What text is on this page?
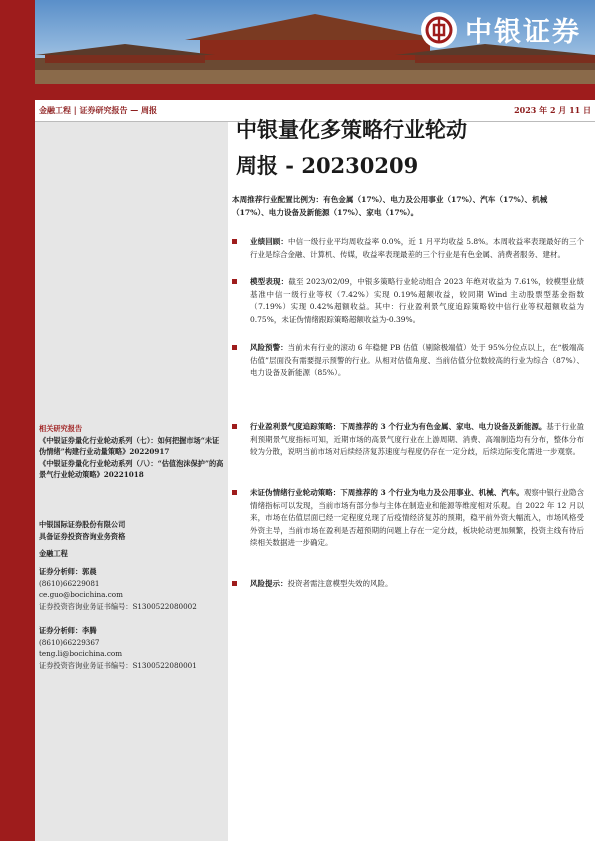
中银证券
金融工程 | 证券研究报告 — 周报	2023 年 2 月 11 日
相关研究报告
《中银证券量化行业轮动系列（七）：如何把握市场“未证伪情绪”构建行业动量策略》20220917
《中银证券量化行业轮动系列（八）：“估值泡沫保护”的高景气行业轮动策略》20221018
中银国际证券股份有限公司
具备证券投资咨询业务资格
金融工程
证券分析师：郭晨
(8610)66229081
ce.guo@bocichina.com
证券投资咨询业务证书编号：S1300522080002
证券分析师：李腾
(8610)66229367
teng.li@bocichina.com
证券投资咨询业务证书编号：S1300522080001
中银量化多策略行业轮动
周报 - 20230209
本周推荐行业配置比例为：有色金属（17%）、电力及公用事业（17%）、汽车（17%）、机械（17%）、电力设备及新能源（17%）、家电（17%）。
业绩回顾：中信一级行业平均周收益率 0.0%，近 1 月平均收益 5.8%。本周收益率表现最好的三个行业是综合金融、计算机、传媒，收益率表现最差的三个行业是有色金属、消费者服务、建材。
模型表现：截至 2023/02/09，中银多策略行业轮动组合 2023 年绝对收益为 7.61%，较模型业绩基准中信一级行业等权（7.42%）实现 0.19%超额收益，较同期 Wind 主动股票型基金指数（7.19%）实现 0.42%超额收益。其中：行业盈利景气度追踪策略较中信行业等权超额收益为 0.75%，未证伪情绪跟踪策略超额收益为-0.39%。
风险预警：当前未有行业的滚动 6 年稳健 PB 估值（剔除极端值）处于 95%分位点以上，在“极端高估值”层面没有需要提示预警的行业。从相对估值角度、当前估值分位数较高的行业为综合（87%）、电力设备及新能源（85%）。
行业盈利景气度追踪策略：下周推荐的 3 个行业为有色金属、家电、电力设备及新能源。基于行业盈利预期景气度指标可知，近期市场的高景气度行业在上游周期、消费、高端制造均有分布，整体分布较为分散，说明当前市场对后续经济复苏速度与程度仍存在一定分歧，后续边际变化需进一步观察。
未证伪情绪行业轮动策略：下周推荐的 3 个行业为电力及公用事业、机械、汽车。观察中银行业隐含情绪指标可以发现，当前市场有部分参与主体在制造业和能源等维度相对乐观。自 2022 年 12 月以来，市场在估值层面已经一定程度兑现了后疫情经济复苏的预期，稳平前外资大幅流入，市场风格受外资主导，当前市场在盈利是否超预期的问题上存在一定分歧，板块轮动更加频繁，投资主线有待后续相关数据进一步确定。
风险提示：投资者需注意模型失效的风险。
